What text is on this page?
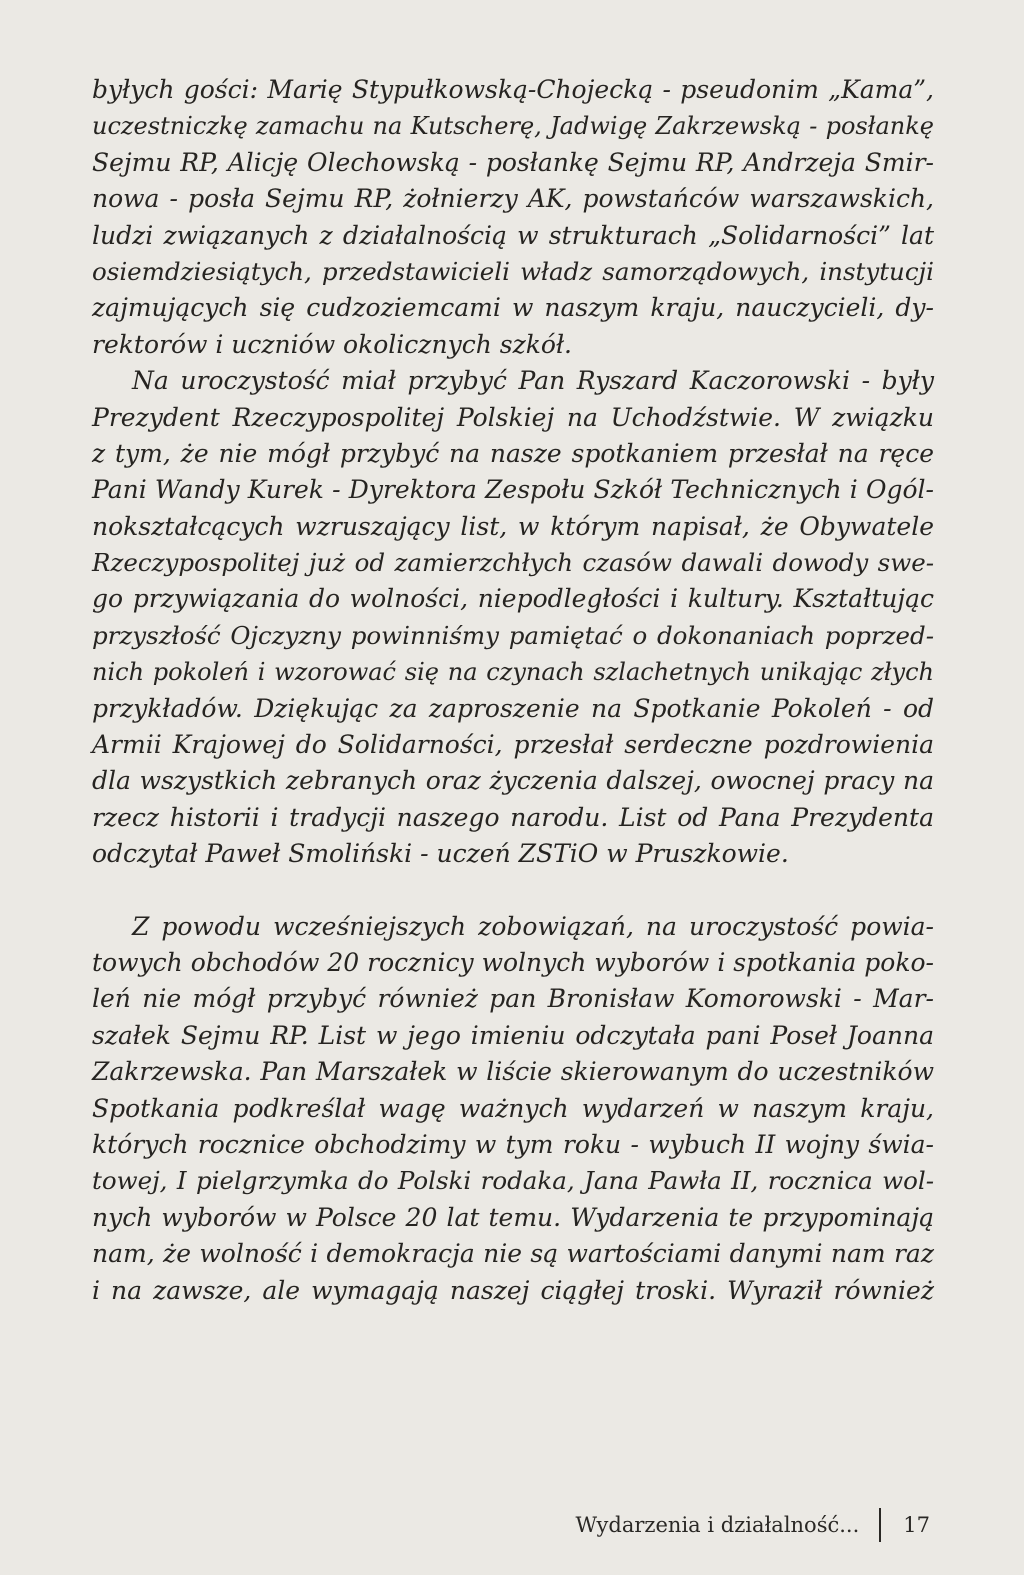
byłych gości: Marię Stypułkowską-Chojecką - pseudonim „Kama”,
uczestniczkę zamachu na Kutscherę, Jadwigę Zakrzewską - posłankę
Sejmu RP, Alicję Olechowską - posłankę Sejmu RP, Andrzeja Smir-
nowa - posła Sejmu RP, żołnierzy AK, powstańców warszawskich,
ludzi związanych z działalnością w strukturach „Solidarności” lat
osiemdziesiątych, przedstawicieli władz samorządowych, instytucji
zajmujących się cudzoziemcami w naszym kraju, nauczycieli, dy-
rektorów i uczniów okolicznych szkół.
Na uroczystość miał przybyć Pan Ryszard Kaczorowski - były
Prezydent Rzeczypospolitej Polskiej na Uchodźstwie. W związku
z tym, że nie mógł przybyć na nasze spotkaniem przesłał na ręce
Pani Wandy Kurek - Dyrektora Zespołu Szkół Technicznych i Ogól-
nokształcących wzruszający list, w którym napisał, że Obywatele
Rzeczypospolitej już od zamierzchłych czasów dawali dowody swe-
go przywiązania do wolności, niepodległości i kultury. Kształtując
przyszłość Ojczyzny powinniśmy pamiętać o dokonaniach poprzed-
nich pokoleń i wzorować się na czynach szlachetnych unikając złych
przykładów. Dziękując za zaproszenie na Spotkanie Pokoleń - od
Armii Krajowej do Solidarności, przesłał serdeczne pozdrowienia
dla wszystkich zebranych oraz życzenia dalszej, owocnej pracy na
rzecz historii i tradycji naszego narodu. List od Pana Prezydenta
odczytał Paweł Smoliński - uczeń ZSTiO w Pruszkowie.
Z powodu wcześniejszych zobowiązań, na uroczystość powia-
towych obchodów 20 rocznicy wolnych wyborów i spotkania poko-
leń nie mógł przybyć również pan Bronisław Komorowski - Mar-
szałek Sejmu RP. List w jego imieniu odczytała pani Poseł Joanna
Zakrzewska. Pan Marszałek w liście skierowanym do uczestników
Spotkania podkreślał wagę ważnych wydarzeń w naszym kraju,
których rocznice obchodzimy w tym roku - wybuch II wojny świa-
towej, I pielgrzymka do Polski rodaka, Jana Pawła II, rocznica wol-
nych wyborów w Polsce 20 lat temu. Wydarzenia te przypominają
nam, że wolność i demokracja nie są wartościami danymi nam raz
i na zawsze, ale wymagają naszej ciągłej troski. Wyraził również
Wydarzenia i działalność... 17
